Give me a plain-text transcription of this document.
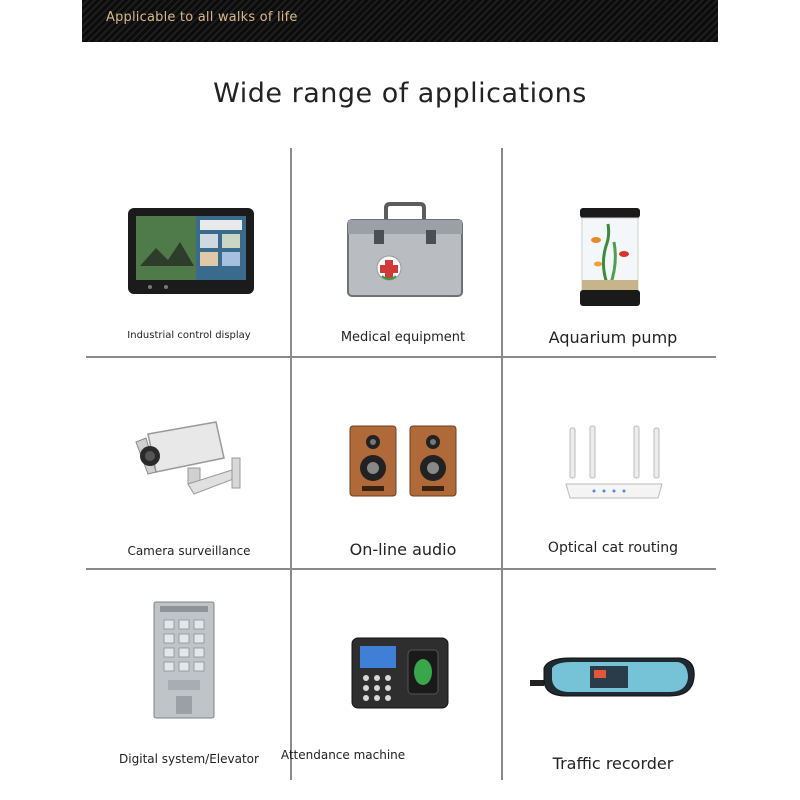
Applicable to all walks of life
Wide range of applications
Industrial control display	Medical equipment	Aquarium pump
Camera surveillance	On-line audio	Optical cat routing
Digital system/Elevator	Attendance machine	Traffic recorder
